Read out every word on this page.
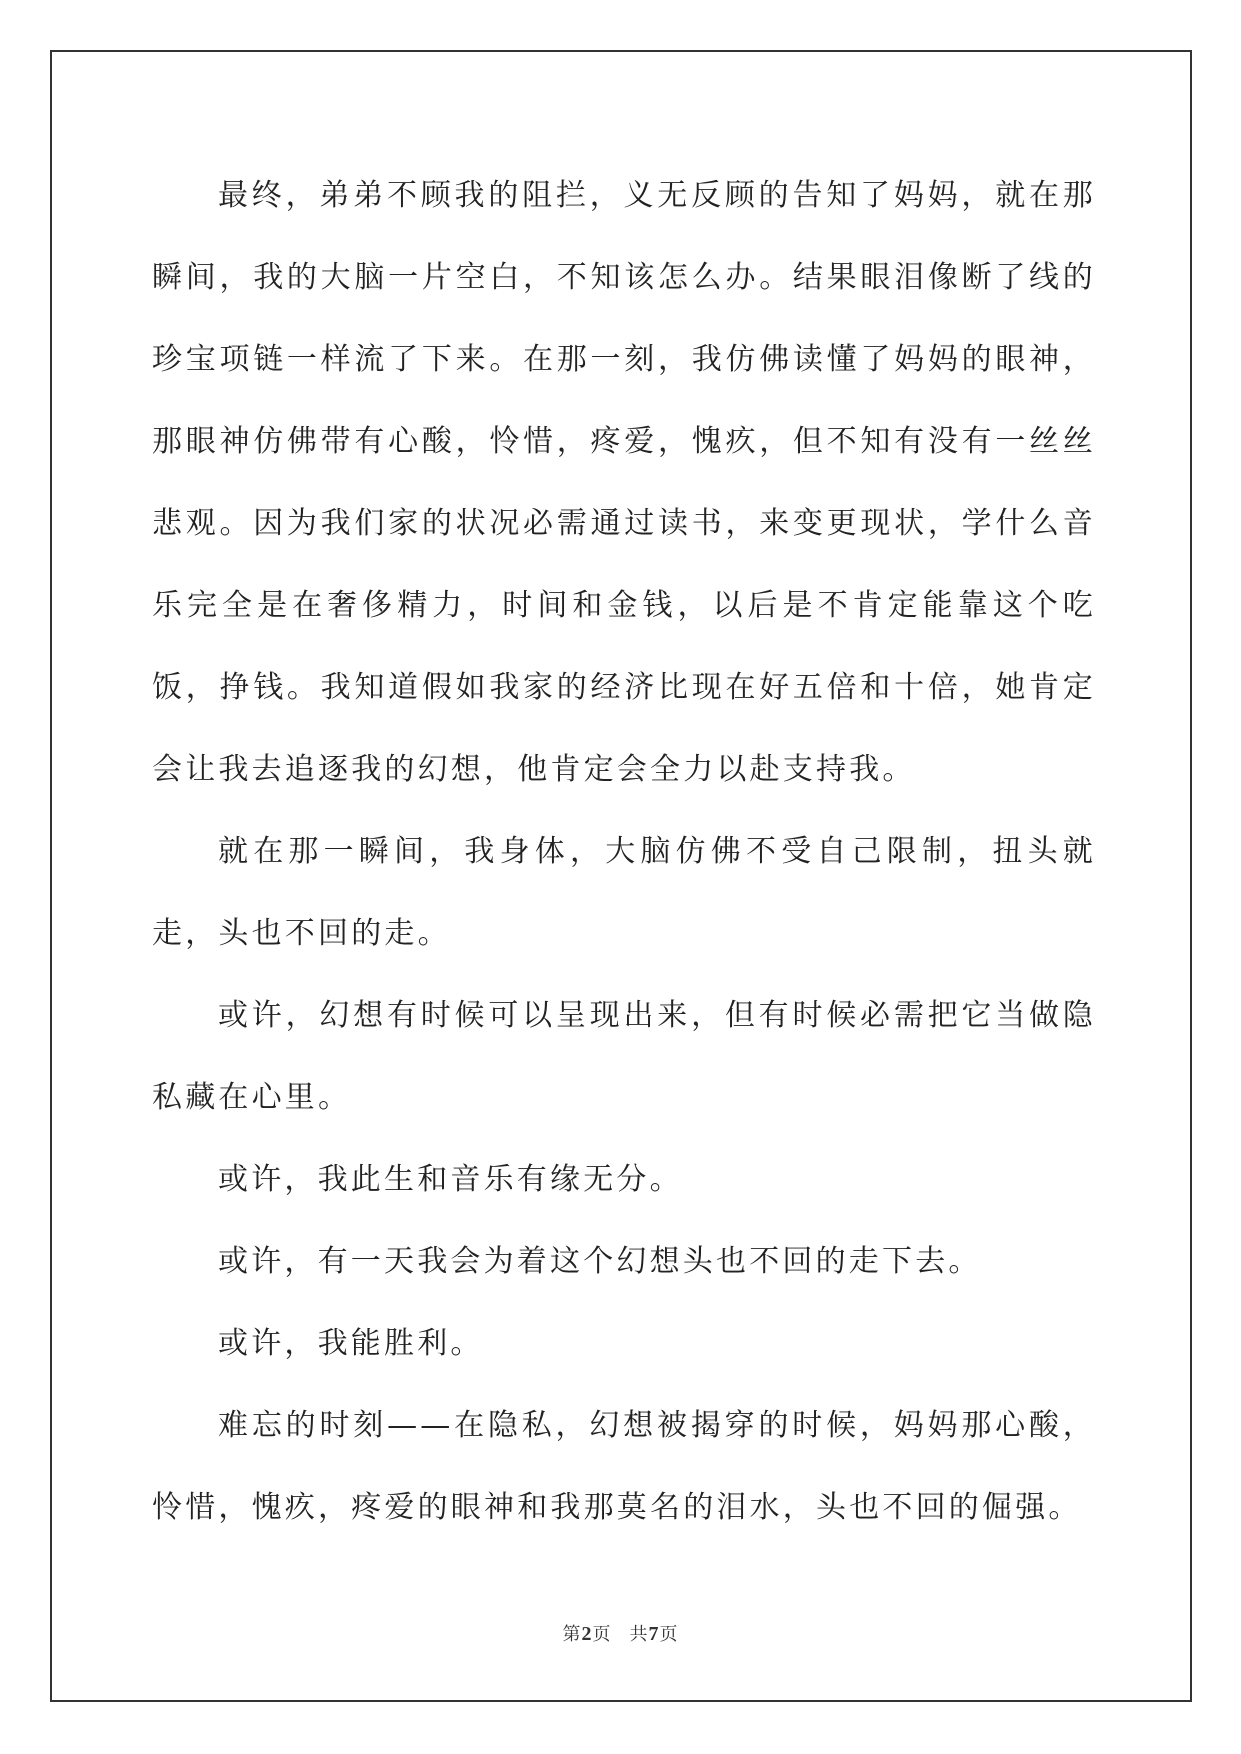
最终，弟弟不顾我的阻拦，义无反顾的告知了妈妈，就在那瞬间，我的大脑一片空白，不知该怎么办。结果眼泪像断了线的珍宝项链一样流了下来。在那一刻，我仿佛读懂了妈妈的眼神，那眼神仿佛带有心酸，怜惜，疼爱，愧疚，但不知有没有一丝丝悲观。因为我们家的状况必需通过读书，来变更现状，学什么音乐完全是在奢侈精力，时间和金钱，以后是不肯定能靠这个吃饭，挣钱。我知道假如我家的经济比现在好五倍和十倍，她肯定会让我去追逐我的幻想，他肯定会全力以赴支持我。

就在那一瞬间，我身体，大脑仿佛不受自己限制，扭头就走，头也不回的走。

或许，幻想有时候可以呈现出来，但有时候必需把它当做隐私藏在心里。

或许，我此生和音乐有缘无分。

或许，有一天我会为着这个幻想头也不回的走下去。

或许，我能胜利。

难忘的时刻——在隐私，幻想被揭穿的时候，妈妈那心酸，怜惜，愧疚，疼爱的眼神和我那莫名的泪水，头也不回的倔强。

第2页 共7页
